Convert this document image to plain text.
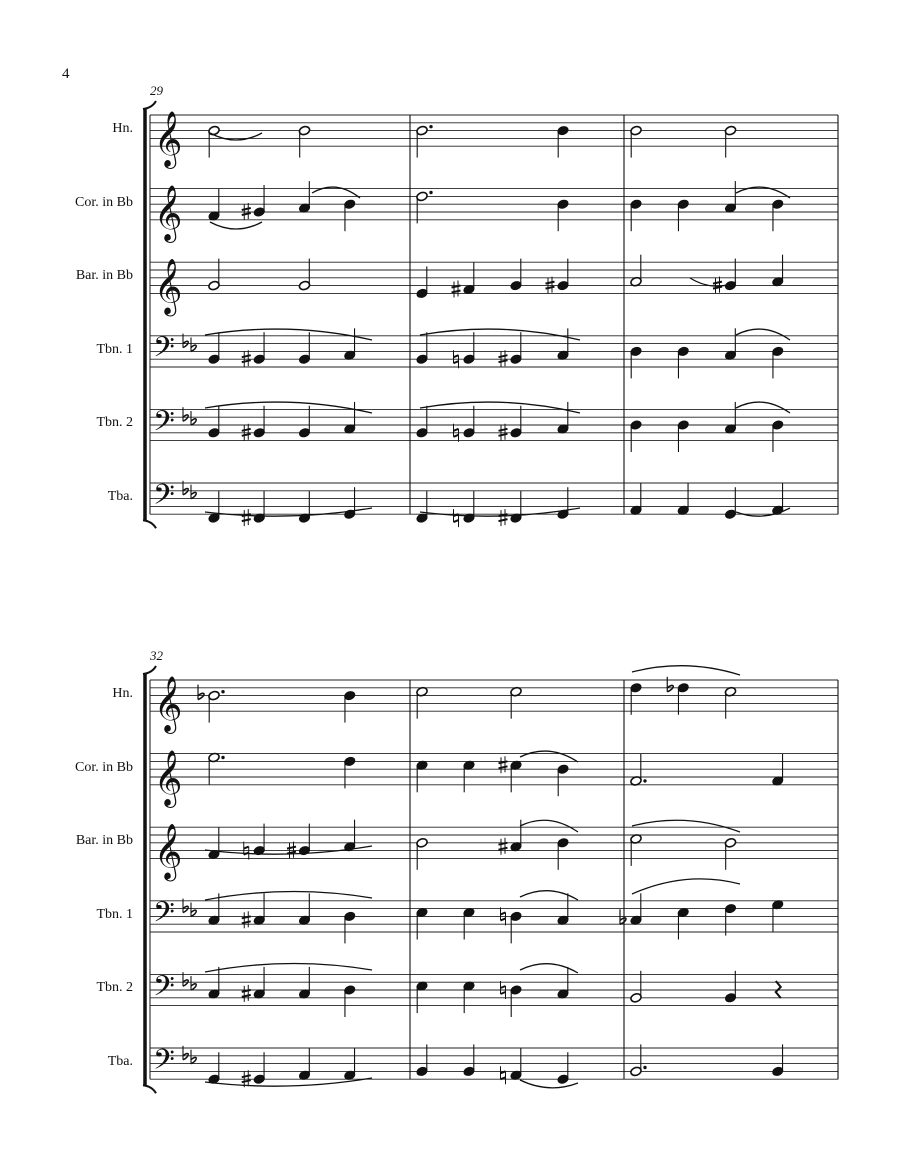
4
29
Hn.
Cor. in Bb
Bar. in Bb
Tbn. 1
Tbn. 2
Tba.
𝄞
𝄞
𝄞
𝄢
𝄢
𝄢
32
Hn.
Cor. in Bb
Bar. in Bb
Tbn. 1
Tbn. 2
Tba.
𝄞
𝄞
𝄞
𝄢
𝄢
𝄢
